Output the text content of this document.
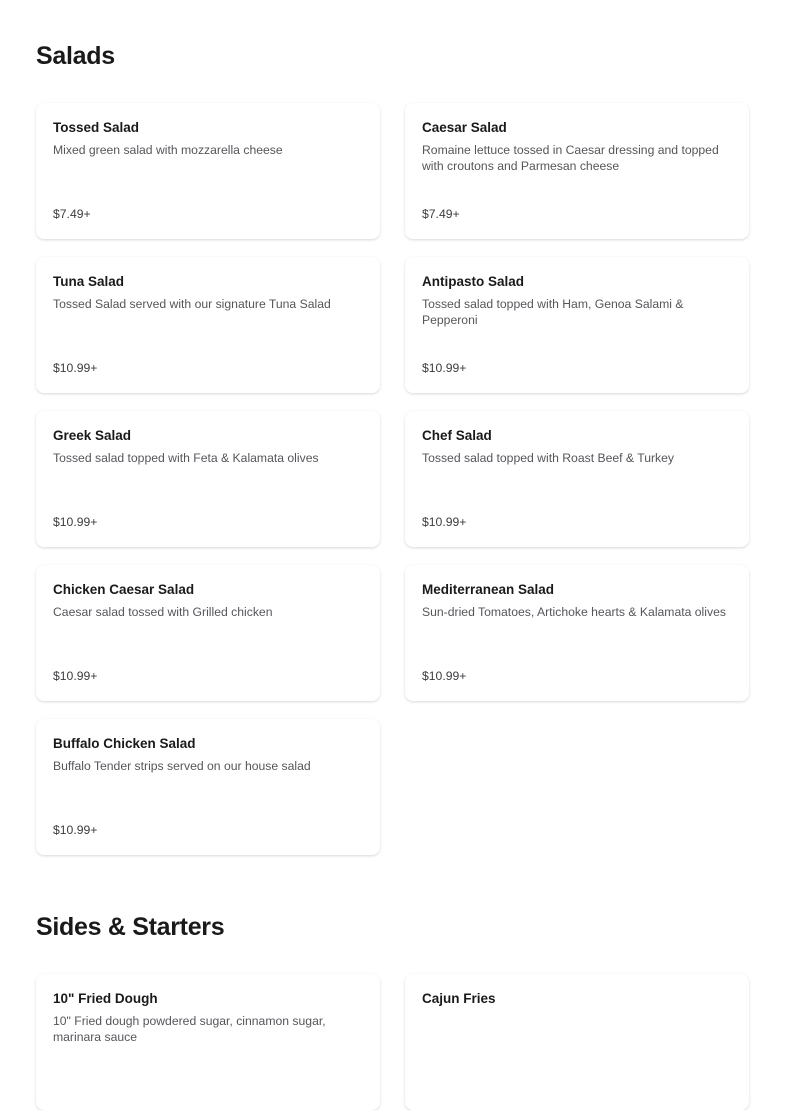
Salads
Tossed Salad
Mixed green salad with mozzarella cheese
$7.49+
Caesar Salad
Romaine lettuce tossed in Caesar dressing and topped with croutons and Parmesan cheese
$7.49+
Tuna Salad
Tossed Salad served with our signature Tuna Salad
$10.99+
Antipasto Salad
Tossed salad topped with Ham, Genoa Salami & Pepperoni
$10.99+
Greek Salad
Tossed salad topped with Feta & Kalamata olives
$10.99+
Chef Salad
Tossed salad topped with Roast Beef & Turkey
$10.99+
Chicken Caesar Salad
Caesar salad tossed with Grilled chicken
$10.99+
Mediterranean Salad
Sun-dried Tomatoes, Artichoke hearts & Kalamata olives
$10.99+
Buffalo Chicken Salad
Buffalo Tender strips served on our house salad
$10.99+
Sides & Starters
10" Fried Dough
10" Fried dough powdered sugar, cinnamon sugar, marinara sauce
Cajun Fries
